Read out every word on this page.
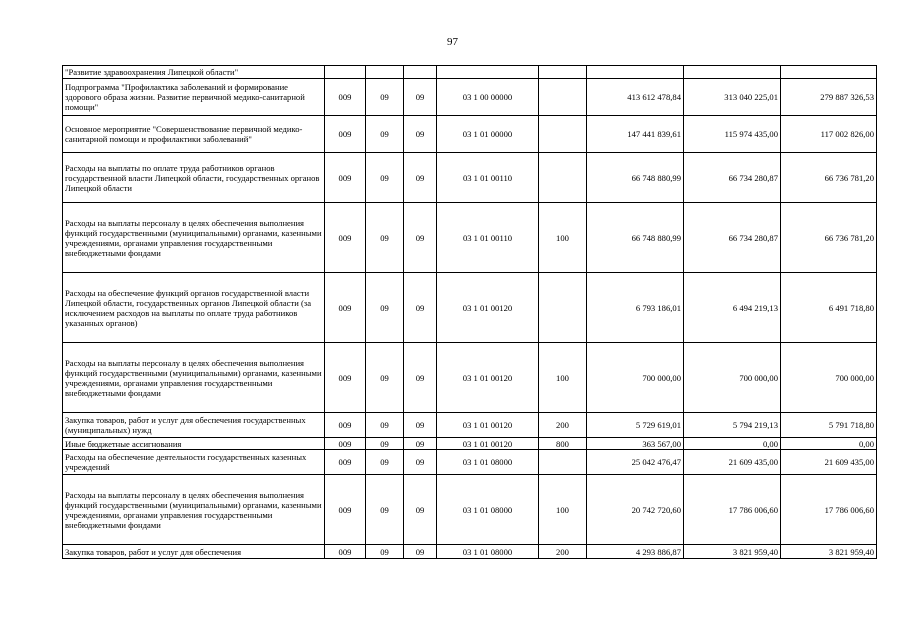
97
"Развитие здравоохранения Липецкой области"								
Подпрограмма "Профилактика заболеваний и формирование здорового образа жизни. Развитие первичной медико-санитарной помощи"	009	09	09	03 1 00 00000		413 612 478,84	313 040 225,01	279 887 326,53
Основное мероприятие "Совершенствование первичной медико-санитарной помощи и профилактики заболеваний"	009	09	09	03 1 01 00000		147 441 839,61	115 974 435,00	117 002 826,00
Расходы на выплаты по оплате труда работников органов государственной власти Липецкой области, государственных органов Липецкой области	009	09	09	03 1 01 00110		66 748 880,99	66 734 280,87	66 736 781,20
Расходы на выплаты персоналу в целях обеспечения выполнения функций государственными (муниципальными) органами, казенными учреждениями, органами управления государственными внебюджетными фондами	009	09	09	03 1 01 00110	100	66 748 880,99	66 734 280,87	66 736 781,20
Расходы на обеспечение функций органов государственной власти Липецкой области, государственных органов Липецкой области (за исключением расходов на выплаты по оплате труда работников указанных органов)	009	09	09	03 1 01 00120		6 793 186,01	6 494 219,13	6 491 718,80
Расходы на выплаты персоналу в целях обеспечения выполнения функций государственными (муниципальными) органами, казенными учреждениями, органами управления государственными внебюджетными фондами	009	09	09	03 1 01 00120	100	700 000,00	700 000,00	700 000,00
Закупка товаров, работ и услуг для обеспечения государственных (муниципальных) нужд	009	09	09	03 1 01 00120	200	5 729 619,01	5 794 219,13	5 791 718,80
Иные бюджетные ассигнования	009	09	09	03 1 01 00120	800	363 567,00	0,00	0,00
Расходы на обеспечение деятельности государственных казенных учреждений	009	09	09	03 1 01 08000		25 042 476,47	21 609 435,00	21 609 435,00
Расходы на выплаты персоналу в целях обеспечения выполнения функций государственными (муниципальными) органами, казенными учреждениями, органами управления государственными внебюджетными фондами	009	09	09	03 1 01 08000	100	20 742 720,60	17 786 006,60	17 786 006,60
Закупка товаров, работ и услуг для обеспечения	009	09	09	03 1 01 08000	200	4 293 886,87	3 821 959,40	3 821 959,40
